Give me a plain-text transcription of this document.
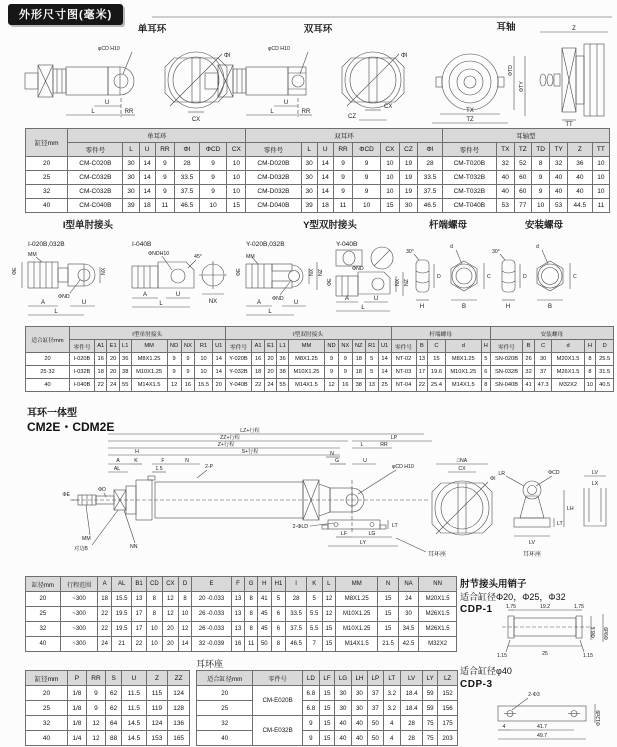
外形尺寸图(毫米)
单耳环	双耳环	耳轴
φCD H10
U
L	RR
ΦI
CX
φCD H10
U
L	RR
ΦI
CX
CZ
TX
TZ
ΦTD
ΦTY
Z
TT
缸径mm	单耳环							双耳环								耳轴型						
	零件号	L	U	RR	ΦI	ΦCD	CX	零件号	L	U	RR	ΦCD	CX	CZ	ΦI	零件号	TX	TZ	TD	TY	Z	TT
20	CM-C020B	30	14	9	28	9	10	CM-D020B	30	14	9	9	10	19	28	CM-T020B	32	52	8	32	36	10
25	CM-C032B	30	14	9	33.5	9	10	CM-D032B	30	14	9	9	10	19	33.5	CM-T032B	40	60	9	40	40	10
32	CM-C032B	30	14	9	37.5	9	10	CM-D032B	30	14	9	9	10	19	37.5	CM-T032B	40	60	9	40	40	10
40	CM-C040B	39	18	11	46.5	10	15	CM-D040B	39	18	11	10	15	30	46.5	CM-T040B	53	77	10	53	44.5	11
I型单肘接头	Y型双肘接头	杆端螺母	安装螺母
I-020B,032B
MM
ΦE
ΦND
A	U
L
NX
I-040B
ΦNDH10	45°
A	U
L	NX
Y-020B,032B
MM
ΦE
ΦND
A	U
L
NX NZ
Y-040B
ΦND
ΦE
A	U
L
NX NZ
30°
D
H
d
C
B
30°
D
H
d
C
B
适合缸径mm	I型单肘接头									I型双肘接头										杆端螺母					安装螺母					
	零件号	A1	E1	L1	MM	ND	NX	R1	U1	零件号	A1	E1	L1	MM	ND	NX	NZ	R1	U1	零件号	B	C	d	H	零件号	B	C	d	H	D
20	I-020B	16	20	36	M8X1.25	9	9	10	14	Y-020B	16	20	36	M8X1.25	9	9	18	5	14	NT-02	13	15	M8X1.25	5	SN-020B	26	30	M20X1.5	8	25.5
25·32	I-032B	18	20	38	M10X1.25	9	9	10	14	Y-032B	18	20	38	M10X1.25	9	9	18	5	14	NT-03	17	19.6	M10X1.25	6	SN-032B	32	37	M26X1.5	8	31.5
40	I-040B	22	24	55	M14X1.5	12	16	15.5	20	Y-040B	22	24	55	M14X1.5	12	16	38	13	25	NT-04	22	25.4	M14X1.5	8	SN-040B	41	47.3	M32X2	10	40.5
耳环一体型
CM2E・CDM2E	LZ+行程
ZZ+行程
Z+行程
H	S+行程
A	K	F	N
AL	1.5	2-P
LP
L	RR
N
G	U
φCD H10
MM
对边B	NN
ΦE
ΦD
2-ΦLD	LT
LF	LG
LY
耳环座
□NA
CX
ΦI
LR	ΦCD
LT
LH
LV
耳环座
LV
LX
缸径mm	行程范围	A	AL	B1	CD	CX	D	E	F	G	H	H1	I	K	L	MM	N	NA	NN
20	~300	18	15.5	13	8	12	8	20 -0.033	13	8	41	5	28	5	12	M8X1.25	15	24	M20X1.5
25	~300	22	19.5	17	8	12	10	26 -0.033	13	8	45	6	33.5	5.5	12	M10X1.25	15	30	M26X1.5
32	~300	22	19.5	17	10	20	12	26 -0.033	13	8	45	6	37.5	5.5	15	M10X1.25	15	34.5	M26X1.5
40	~300	24	21	22	10	20	14	32 -0.039	16	11	50	8	46.5	7	15	M14X1.5	21.5	42.5	M32X2
肘节接头用销子
适合缸径Φ20，Φ25，Φ32
CDP-1	1.75	19.2	1.75
1.15	25	1.15
Φ8.6 Φ9d9
适合缸径φ40
CDP-3
2-Φ3
4	41.7
49.7
Φ12d9
缸径mm	P	RR	S	U	Z	ZZ
20	1/8	9	62	11.5	115	124
25	1/8	9	62	11.5	119	128
32	1/8	12	64	14.5	124	136
40	1/4	12	88	14.5	153	165
耳环座
适合缸径mm	零件号	LD	LF	LG	LH	LP	LT	LV	LY	LZ
20	CM-E020B	6.8	15	30	30	37	3.2	18.4	59	152
25		6.8	15	30	30	37	3.2	18.4	59	156
32	CM-E032B	9	15	40	40	50	4	28	75	175
40		9	15	40	40	50	4	28	75	203
